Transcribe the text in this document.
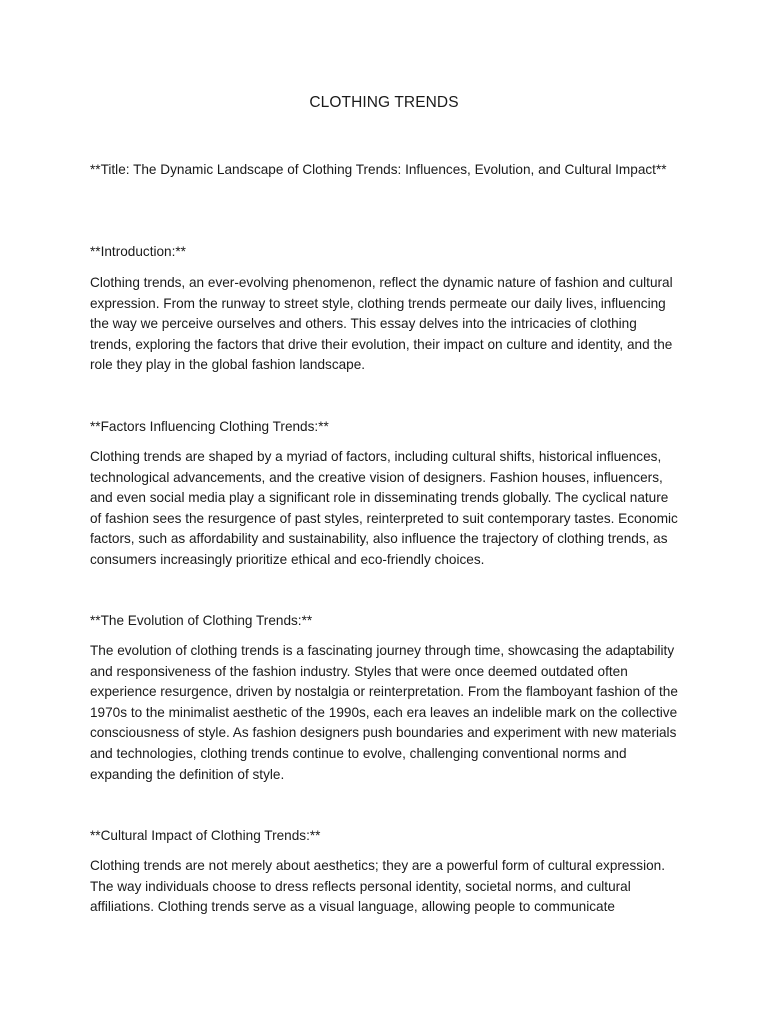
CLOTHING TRENDS

**Title: The Dynamic Landscape of Clothing Trends: Influences, Evolution, and Cultural Impact**

**Introduction:**

Clothing trends, an ever-evolving phenomenon, reflect the dynamic nature of fashion and cultural expression. From the runway to street style, clothing trends permeate our daily lives, influencing the way we perceive ourselves and others. This essay delves into the intricacies of clothing trends, exploring the factors that drive their evolution, their impact on culture and identity, and the role they play in the global fashion landscape.

**Factors Influencing Clothing Trends:**

Clothing trends are shaped by a myriad of factors, including cultural shifts, historical influences, technological advancements, and the creative vision of designers. Fashion houses, influencers, and even social media play a significant role in disseminating trends globally. The cyclical nature of fashion sees the resurgence of past styles, reinterpreted to suit contemporary tastes. Economic factors, such as affordability and sustainability, also influence the trajectory of clothing trends, as consumers increasingly prioritize ethical and eco-friendly choices.

**The Evolution of Clothing Trends:**

The evolution of clothing trends is a fascinating journey through time, showcasing the adaptability and responsiveness of the fashion industry. Styles that were once deemed outdated often experience resurgence, driven by nostalgia or reinterpretation. From the flamboyant fashion of the 1970s to the minimalist aesthetic of the 1990s, each era leaves an indelible mark on the collective consciousness of style. As fashion designers push boundaries and experiment with new materials and technologies, clothing trends continue to evolve, challenging conventional norms and expanding the definition of style.

**Cultural Impact of Clothing Trends:**

Clothing trends are not merely about aesthetics; they are a powerful form of cultural expression. The way individuals choose to dress reflects personal identity, societal norms, and cultural affiliations. Clothing trends serve as a visual language, allowing people to communicate
